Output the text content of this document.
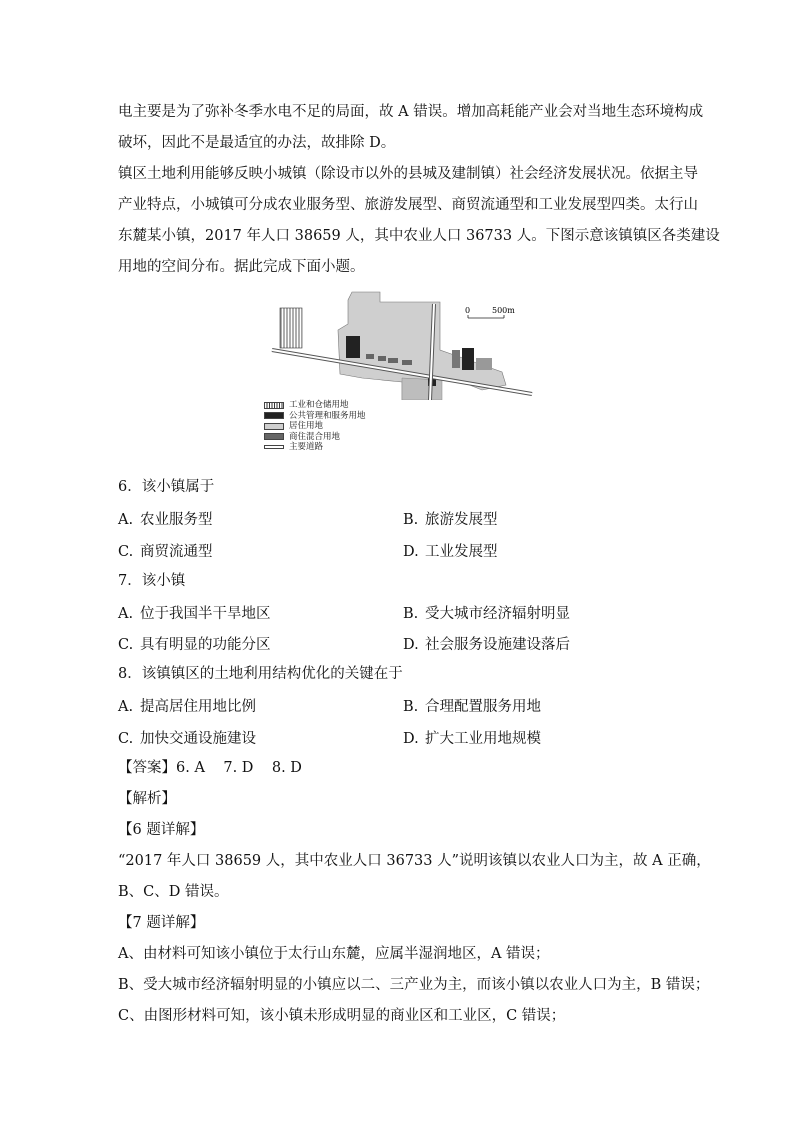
电主要是为了弥补冬季水电不足的局面，故 A 错误。增加高耗能产业会对当地生态环境构成
破坏，因此不是最适宜的办法，故排除 D。
镇区土地利用能够反映小城镇（除设市以外的县城及建制镇）社会经济发展状况。依据主导
产业特点，小城镇可分成农业服务型、旅游发展型、商贸流通型和工业发展型四类。太行山
东麓某小镇，2017 年人口 38659 人，其中农业人口 36733 人。下图示意该镇镇区各类建设
用地的空间分布。据此完成下面小题。
0	500m
工业和仓储用地
公共管理和服务用地
居住用地
商住混合用地
主要道路
6．该小镇属于
A. 农业服务型	B. 旅游发展型
C. 商贸流通型	D. 工业发展型
7．该小镇
A. 位于我国半干旱地区	B. 受大城市经济辐射明显
C. 具有明显的功能分区	D. 社会服务设施建设落后
8．该镇镇区的土地利用结构优化的关键在于
A. 提高居住用地比例	B. 合理配置服务用地
C. 加快交通设施建设	D. 扩大工业用地规模
【答案】6. A    7. D    8. D
【解析】
【6 题详解】
“2017 年人口 38659 人，其中农业人口 36733 人”说明该镇以农业人口为主，故 A 正确，
B、C、D 错误。
【7 题详解】
A、由材料可知该小镇位于太行山东麓，应属半湿润地区，A 错误；
B、受大城市经济辐射明显的小镇应以二、三产业为主，而该小镇以农业人口为主，B 错误；
C、由图形材料可知，该小镇未形成明显的商业区和工业区，C 错误；
